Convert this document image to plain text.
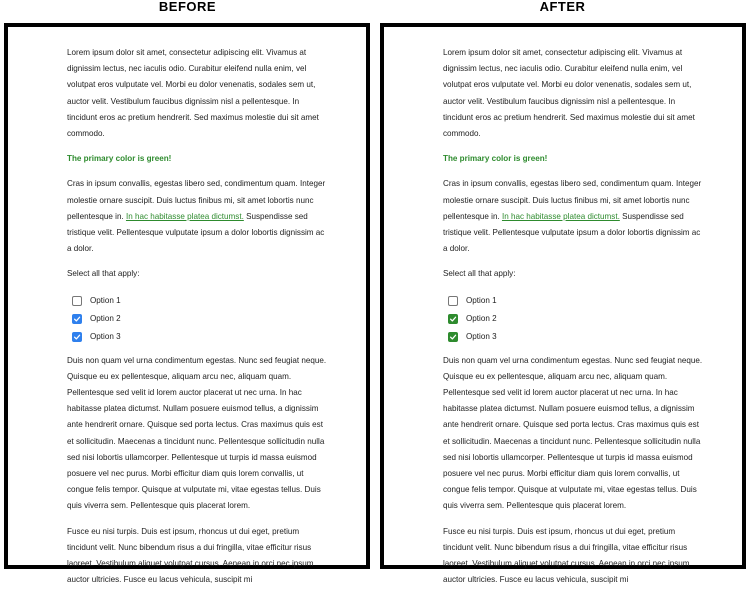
BEFORE	AFTER

Lorem ipsum dolor sit amet, consectetur adipiscing elit. Vivamus at dignissim lectus, nec iaculis odio. Curabitur eleifend nulla enim, vel volutpat eros vulputate vel. Morbi eu dolor venenatis, sodales sem ut, auctor velit. Vestibulum faucibus dignissim nisl a pellentesque. In tincidunt eros ac pretium hendrerit. Sed maximus molestie dui sit amet commodo.

The primary color is green!

Cras in ipsum convallis, egestas libero sed, condimentum quam. Integer molestie ornare suscipit. Duis luctus finibus mi, sit amet lobortis nunc pellentesque in. In hac habitasse platea dictumst. Suspendisse sed tristique velit. Pellentesque vulputate ipsum a dolor lobortis dignissim ac a dolor.

Select all that apply:

Option 1
Option 2
Option 3

Duis non quam vel urna condimentum egestas. Nunc sed feugiat neque. Quisque eu ex pellentesque, aliquam arcu nec, aliquam quam. Pellentesque sed velit id lorem auctor placerat ut nec urna. In hac habitasse platea dictumst. Nullam posuere euismod tellus, a dignissim ante hendrerit ornare. Quisque sed porta lectus. Cras maximus quis est et sollicitudin. Maecenas a tincidunt nunc. Pellentesque sollicitudin nulla sed nisi lobortis ullamcorper. Pellentesque ut turpis id massa euismod posuere vel nec purus. Morbi efficitur diam quis lorem convallis, ut congue felis tempor. Quisque at vulputate mi, vitae egestas tellus. Duis quis viverra sem. Pellentesque quis placerat lorem.

Fusce eu nisi turpis. Duis est ipsum, rhoncus ut dui eget, pretium tincidunt velit. Nunc bibendum risus a dui fringilla, vitae efficitur risus laoreet. Vestibulum aliquet volutpat cursus. Aenean in orci nec ipsum auctor ultricies. Fusce eu lacus vehicula, suscipit mi

Lorem ipsum dolor sit amet, consectetur adipiscing elit. Vivamus at dignissim lectus, nec iaculis odio. Curabitur eleifend nulla enim, vel volutpat eros vulputate vel. Morbi eu dolor venenatis, sodales sem ut, auctor velit. Vestibulum faucibus dignissim nisl a pellentesque. In tincidunt eros ac pretium hendrerit. Sed maximus molestie dui sit amet commodo.

The primary color is green!

Cras in ipsum convallis, egestas libero sed, condimentum quam. Integer molestie ornare suscipit. Duis luctus finibus mi, sit amet lobortis nunc pellentesque in. In hac habitasse platea dictumst. Suspendisse sed tristique velit. Pellentesque vulputate ipsum a dolor lobortis dignissim ac a dolor.

Select all that apply:

Option 1
Option 2
Option 3

Duis non quam vel urna condimentum egestas. Nunc sed feugiat neque. Quisque eu ex pellentesque, aliquam arcu nec, aliquam quam. Pellentesque sed velit id lorem auctor placerat ut nec urna. In hac habitasse platea dictumst. Nullam posuere euismod tellus, a dignissim ante hendrerit ornare. Quisque sed porta lectus. Cras maximus quis est et sollicitudin. Maecenas a tincidunt nunc. Pellentesque sollicitudin nulla sed nisi lobortis ullamcorper. Pellentesque ut turpis id massa euismod posuere vel nec purus. Morbi efficitur diam quis lorem convallis, ut congue felis tempor. Quisque at vulputate mi, vitae egestas tellus. Duis quis viverra sem. Pellentesque quis placerat lorem.

Fusce eu nisi turpis. Duis est ipsum, rhoncus ut dui eget, pretium tincidunt velit. Nunc bibendum risus a dui fringilla, vitae efficitur risus laoreet. Vestibulum aliquet volutpat cursus. Aenean in orci nec ipsum auctor ultricies. Fusce eu lacus vehicula, suscipit mi
